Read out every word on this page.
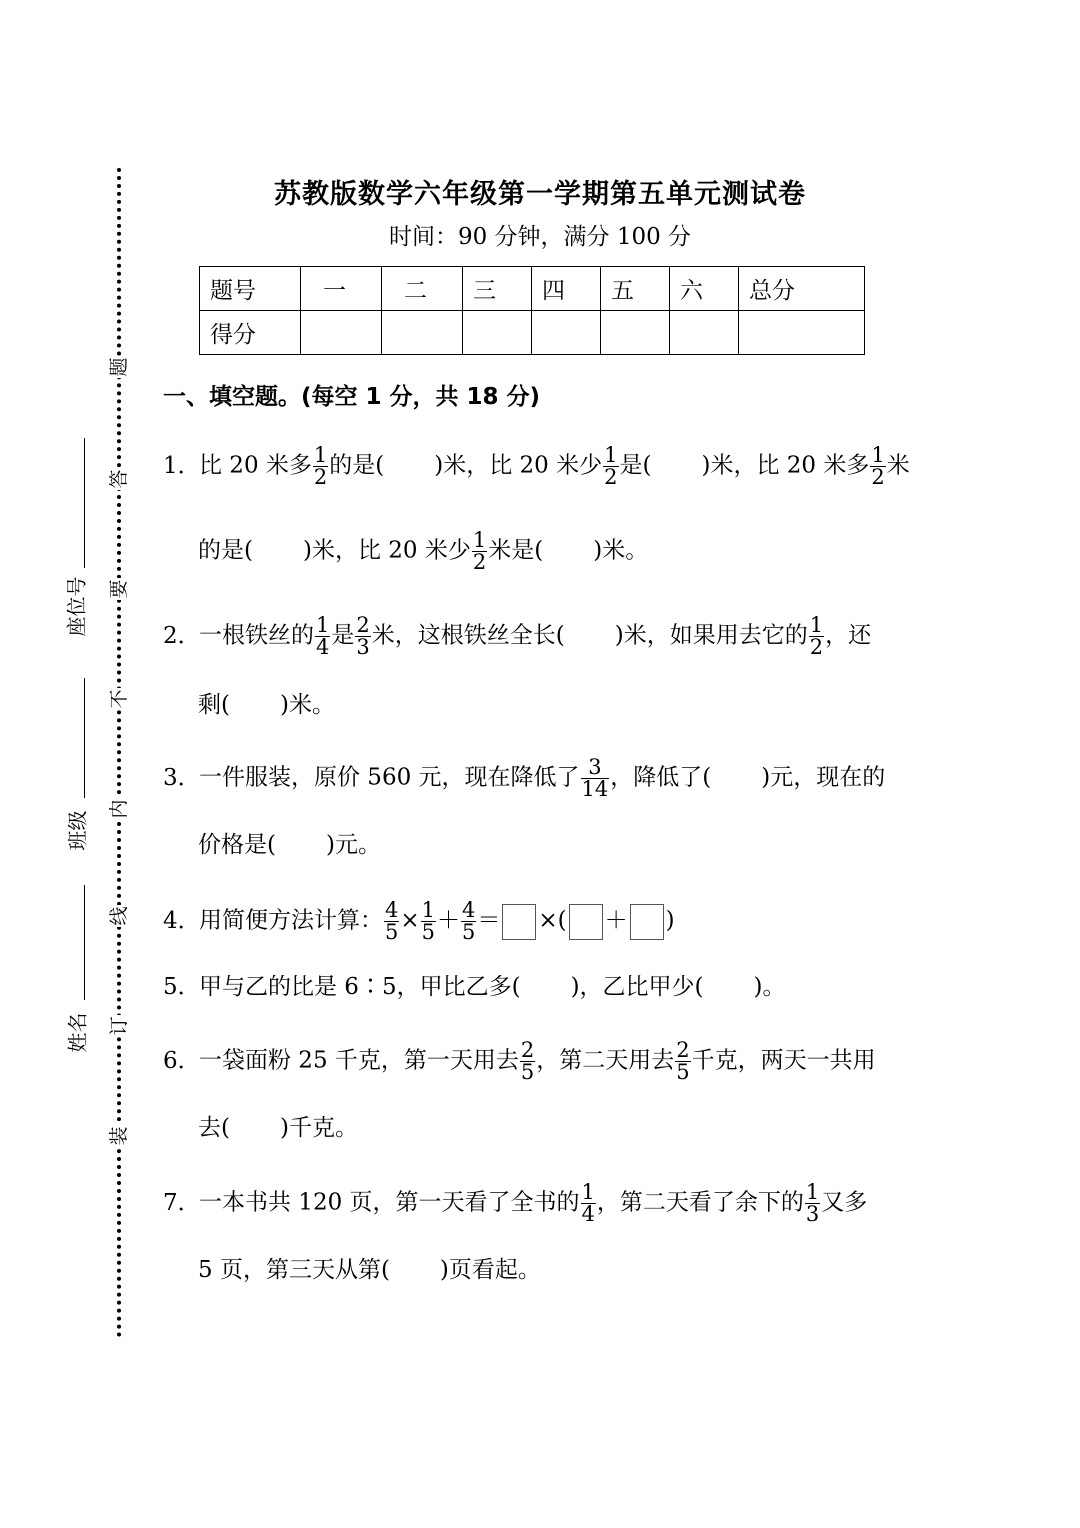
题
答
要
不
内
线
订
装
座位号
班级
姓名
苏教版数学六年级第一学期第五单元测试卷
时间：90 分钟，满分 100 分
题号	一	二	三	四	五	六	总分
得分							
一、填空题。(每空 1 分，共 18 分)
1．比 20 米多 $\frac{1}{2}$ 的是( )米，比 20 米少 $\frac{1}{2}$ 是( )米，比 20 米多 $\frac{1}{2}$ 米
的是( )米，比 20 米少 $\frac{1}{2}$ 米是( )米。
2．一根铁丝的 $\frac{1}{4}$ 是 $\frac{2}{3}$ 米，这根铁丝全长( )米，如果用去它的 $\frac{1}{2}$ ，还
剩( )米。
3．一件服装，原价 560 元，现在降低了 $\frac{3}{14}$ ，降低了( )元，现在的
价格是( )元。
4．用简便方法计算： $\frac{4}{5} \times \frac{1}{5} + \frac{4}{5}$ ＝ ×( ＋ )
5．甲与乙的比是 6∶5，甲比乙多( )，乙比甲少( )。
6．一袋面粉 25 千克，第一天用去 $\frac{2}{5}$ ，第二天用去 $\frac{2}{5}$ 千克，两天一共用
去( )千克。
7．一本书共 120 页，第一天看了全书的 $\frac{1}{4}$ ，第二天看了余下的 $\frac{1}{3}$ 又多
5 页，第三天从第( )页看起。
